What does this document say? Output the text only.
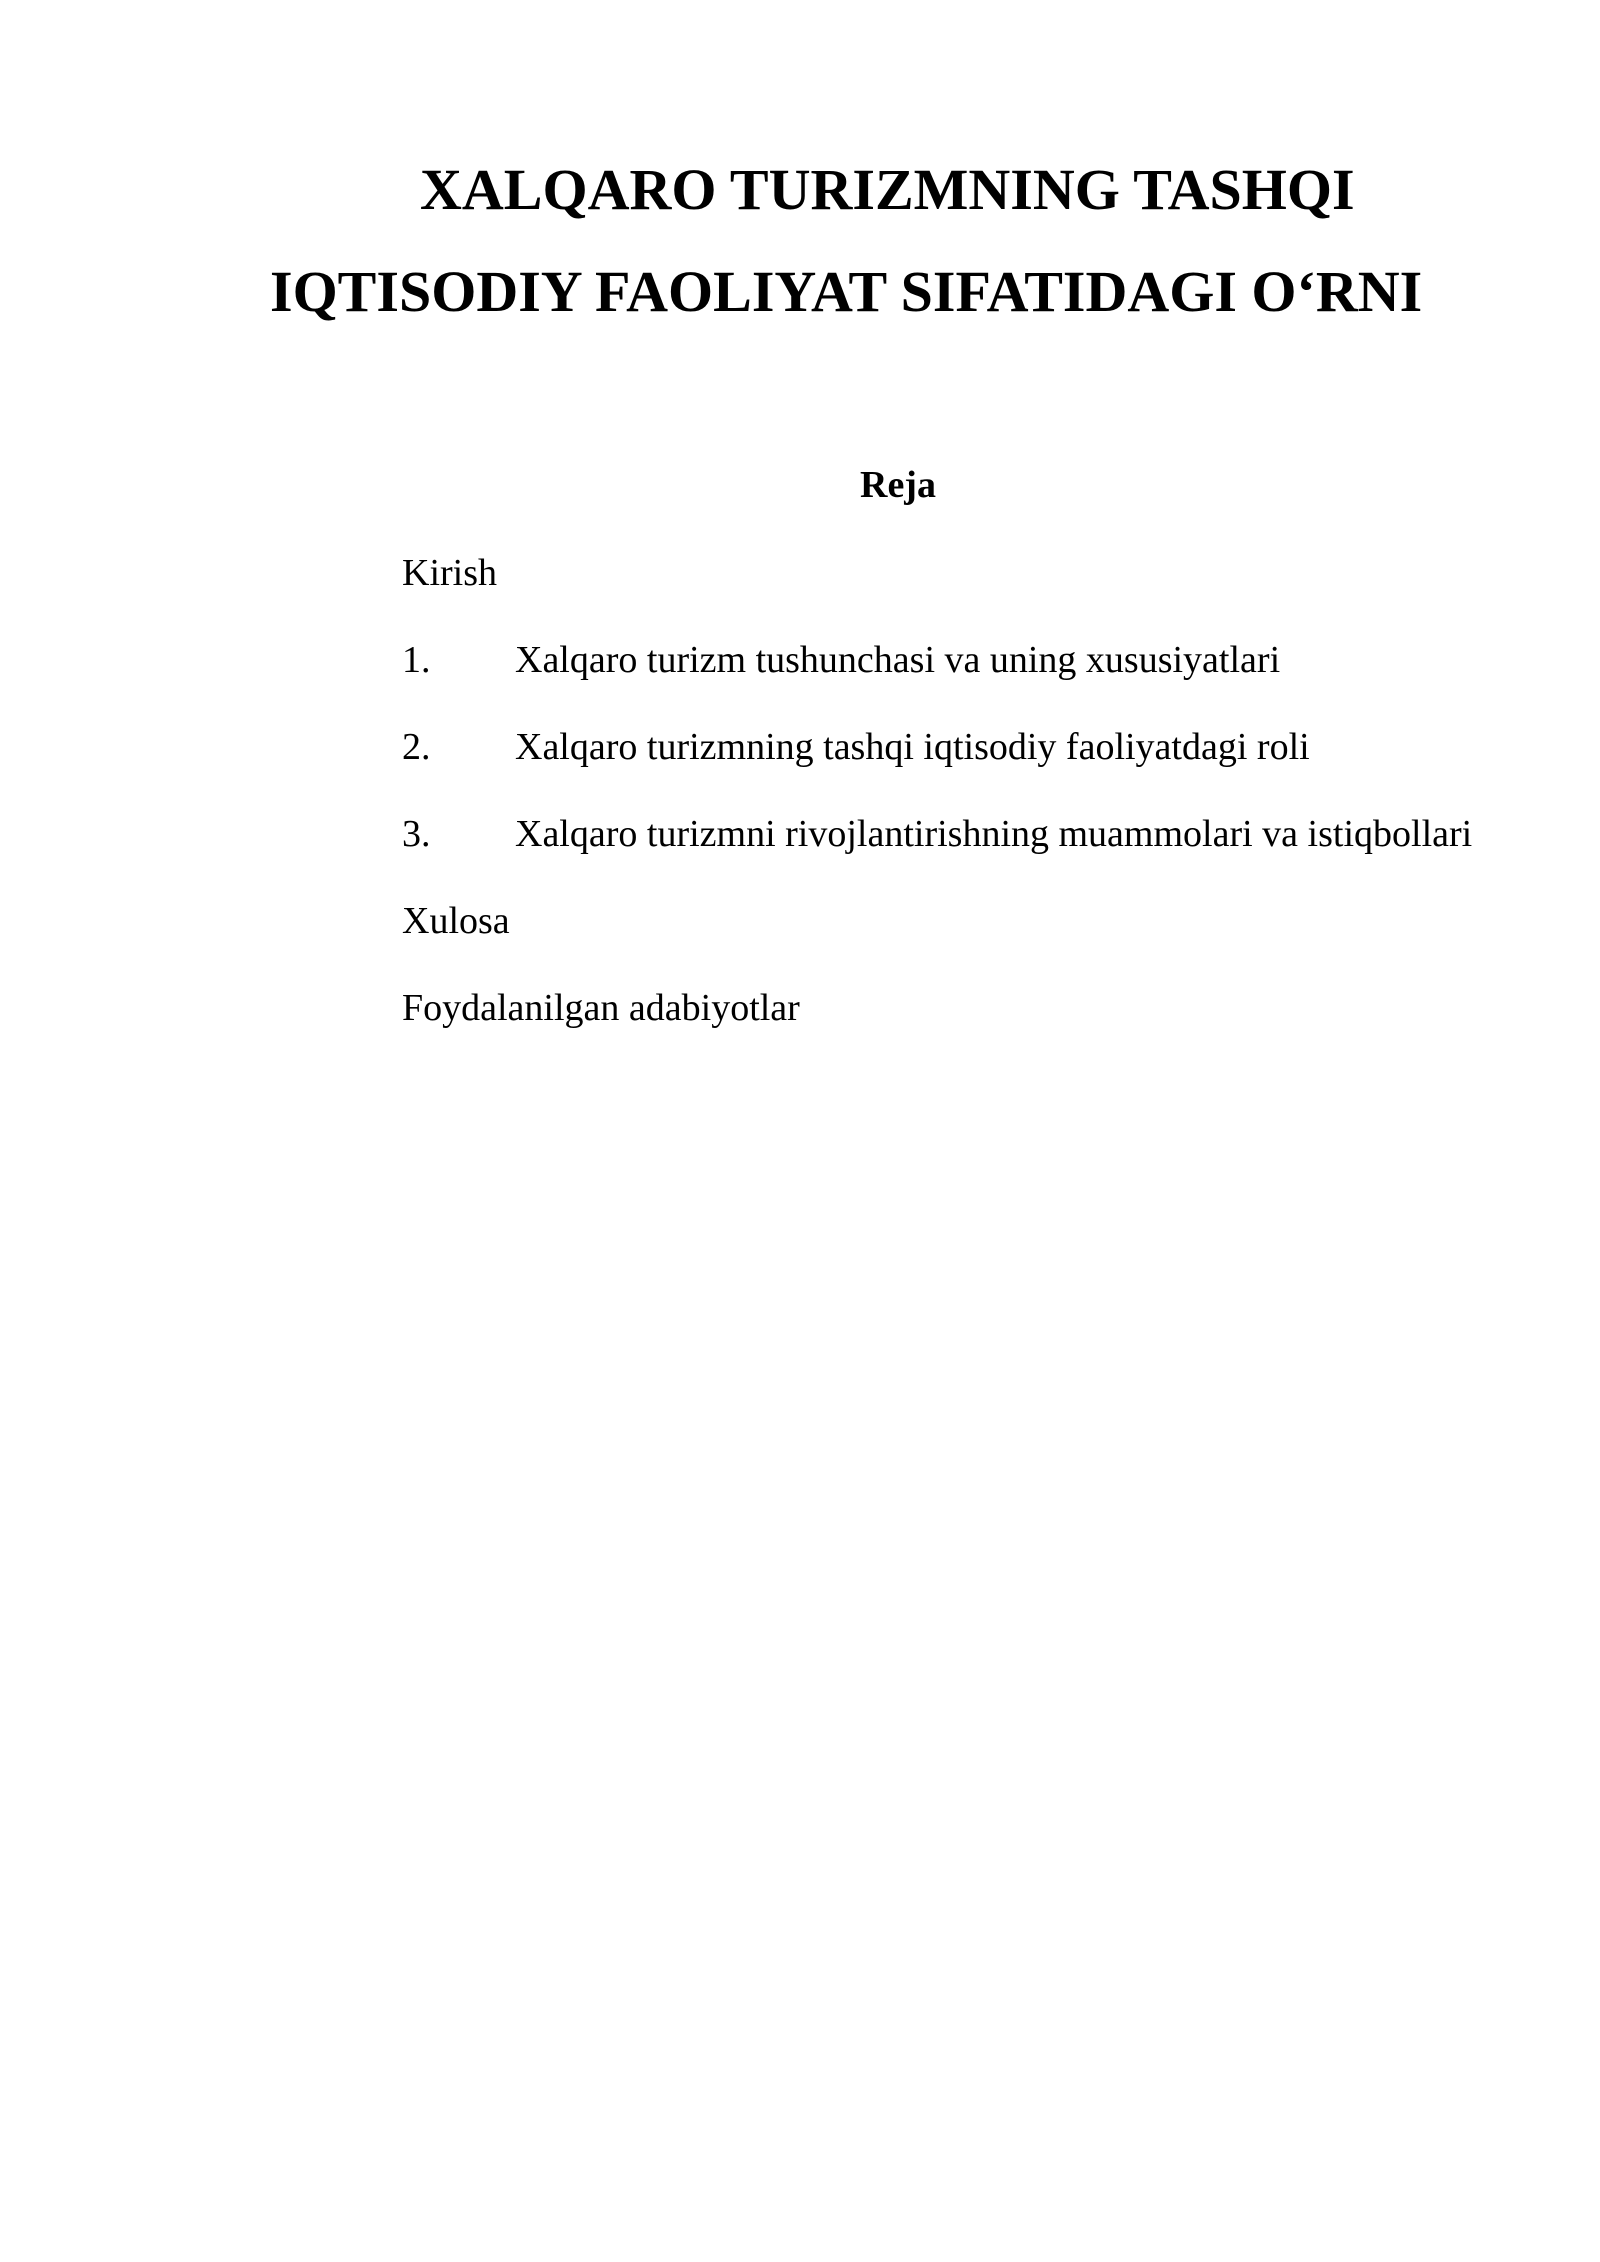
XALQARO TURIZMNING TASHQI
IQTISODIY FAOLIYAT SIFATIDAGI O‘RNI
Reja
Kirish
1. Xalqaro turizm tushunchasi va uning xususiyatlari
2. Xalqaro turizmning tashqi iqtisodiy faoliyatdagi roli
3. Xalqaro turizmni rivojlantirishning muammolari va istiqbollari
Xulosa
Foydalanilgan adabiyotlar
